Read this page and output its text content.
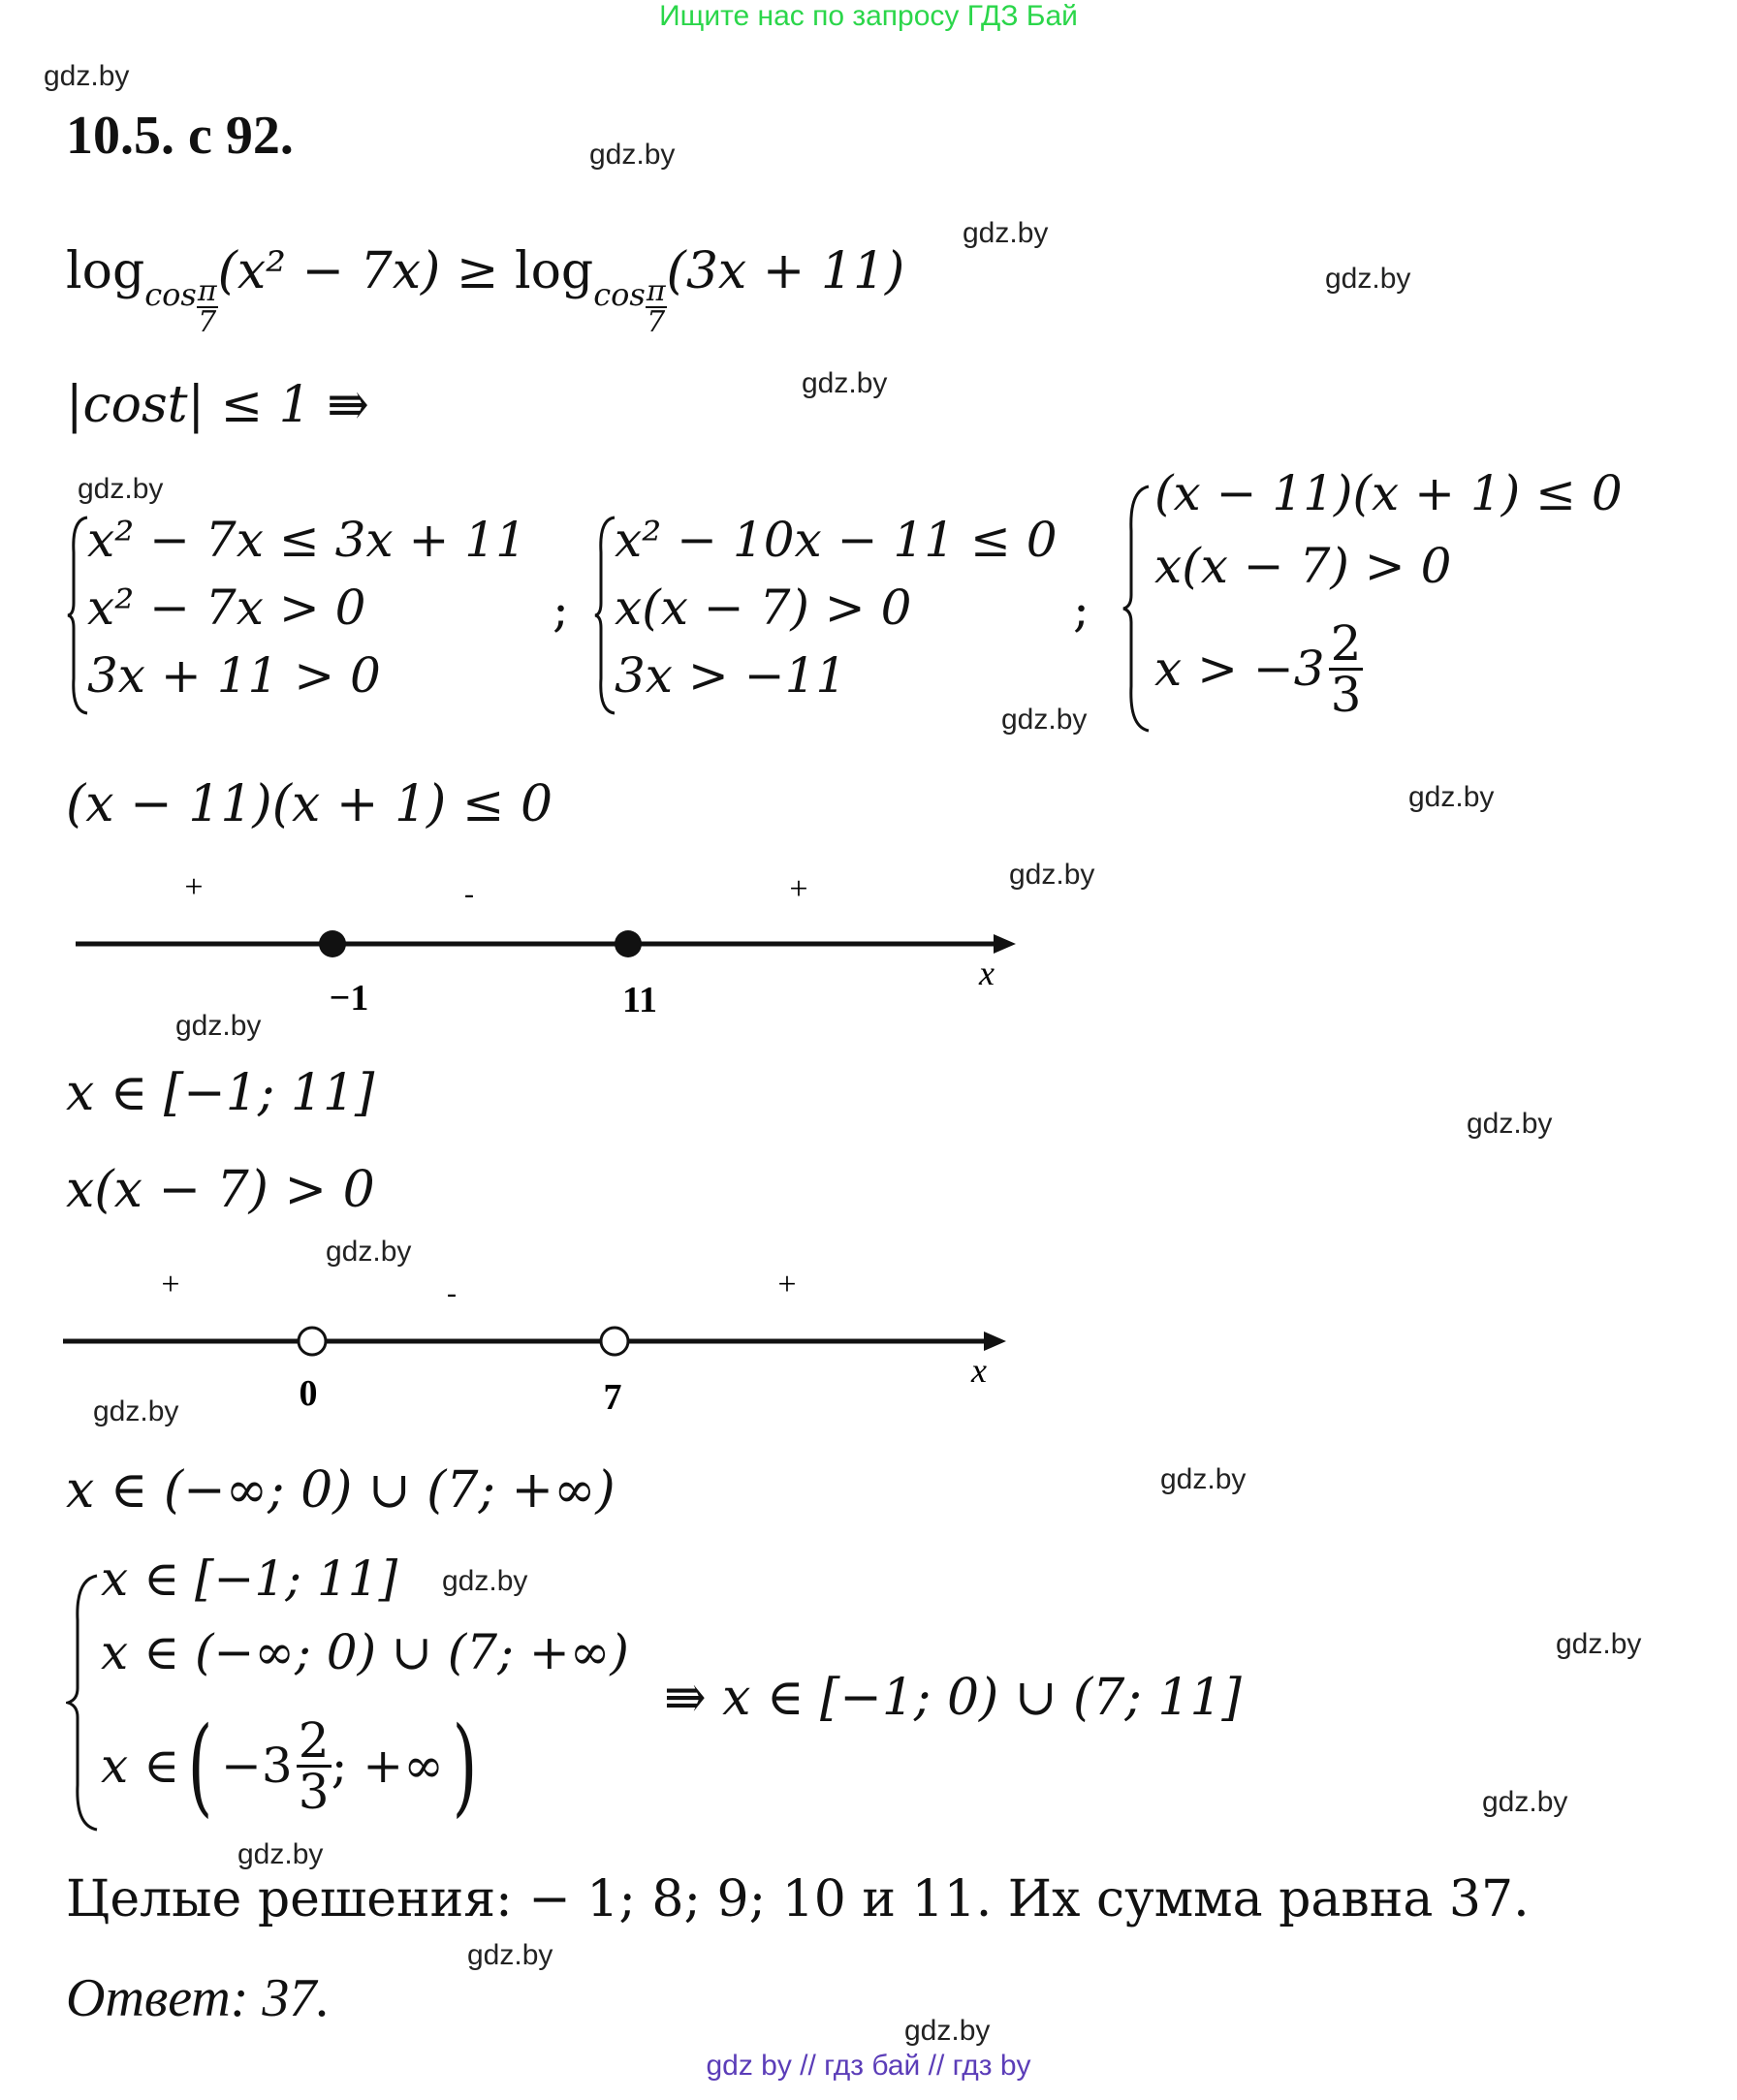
Ищите нас по запросу ГДЗ Бай
gdz.by
gdz.by
gdz.by
gdz.by
gdz.by
gdz.by
gdz.by
gdz.by
gdz.by
gdz.by
gdz.by
gdz.by
gdz.by
gdz.by
gdz.by
gdz.by
gdz.by
gdz.by
gdz.by
gdz.by
10.5. с 92.
$\log_{cos \frac{\pi}{7}}$
$(x^2 - 7x) \ge \log_{cos \frac{\pi}{7}}$
(3x + 11)
|cost| ≤ 1 ⇛
x² − 7x ≤ 3x + 11
x² − 7x > 0
3x + 11 > 0
;
x² − 10x − 11 ≤ 0
x(x − 7) > 0
3x > −11
;
(x − 11)(x + 1) ≤ 0
x(x − 7) > 0
x > −3 2
3
(x − 11)(x + 1) ≤ 0
+	-	+
−1	11
x
x ∈ [−1; 11]
x(x − 7) > 0
+	-	+
0	7
x
x ∈ (−∞; 0) ∪ (7; +∞)
x ∈ [−1; 11]
x ∈ (−∞; 0) ∪ (7; +∞)
x ∈ ( −3 2
3 ; +∞ )
⇛ x ∈ [−1; 0) ∪ (7; 11]
Целые решения: − 1; 8; 9; 10 и 11. Их сумма равна 37.
Ответ: 37.
gdz by // гдз бай // гдз by
